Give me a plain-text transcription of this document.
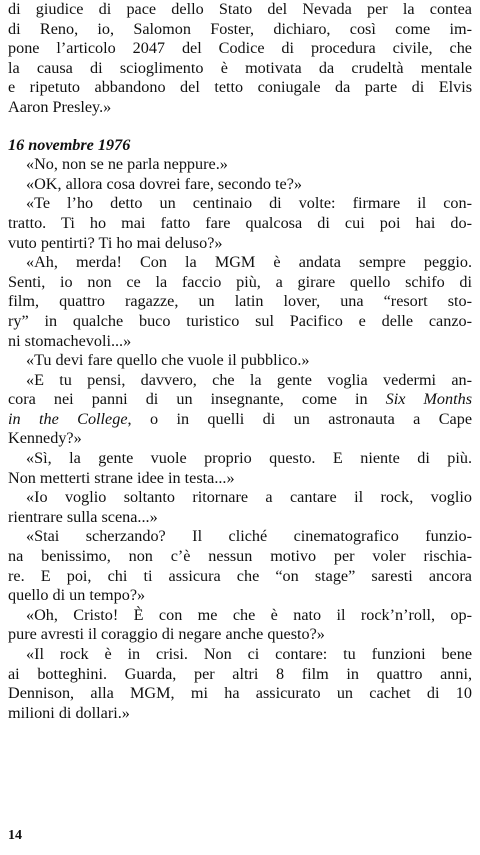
di giudice di pace dello Stato del Nevada per la contea
di Reno, io, Salomon Foster, dichiaro, così come im-
pone l’articolo 2047 del Codice di procedura civile, che
la causa di scioglimento è motivata da crudeltà mentale
e ripetuto abbandono del tetto coniugale da parte di Elvis
Aaron Presley.»
16 novembre 1976
«No, non se ne parla neppure.»
«OK, allora cosa dovrei fare, secondo te?»
«Te l’ho detto un centinaio di volte: firmare il con-
tratto. Ti ho mai fatto fare qualcosa di cui poi hai do-
vuto pentirti? Ti ho mai deluso?»
«Ah, merda! Con la MGM è andata sempre peggio.
Senti, io non ce la faccio più, a girare quello schifo di
film, quattro ragazze, un latin lover, una “resort sto-
ry” in qualche buco turistico sul Pacifico e delle canzo-
ni stomachevoli...»
«Tu devi fare quello che vuole il pubblico.»
«E tu pensi, davvero, che la gente voglia vedermi an-
cora nei panni di un insegnante, come in Six Months
in the College, o in quelli di un astronauta a Cape
Kennedy?»
«Sì, la gente vuole proprio questo. E niente di più.
Non metterti strane idee in testa...»
«Io voglio soltanto ritornare a cantare il rock, voglio
rientrare sulla scena...»
«Stai scherzando? Il cliché cinematografico funzio-
na benissimo, non c’è nessun motivo per voler rischia-
re. E poi, chi ti assicura che “on stage” saresti ancora
quello di un tempo?»
«Oh, Cristo! È con me che è nato il rock’n’roll, op-
pure avresti il coraggio di negare anche questo?»
«Il rock è in crisi. Non ci contare: tu funzioni bene
ai botteghini. Guarda, per altri 8 film in quattro anni,
Dennison, alla MGM, mi ha assicurato un cachet di 10
milioni di dollari.»
14
